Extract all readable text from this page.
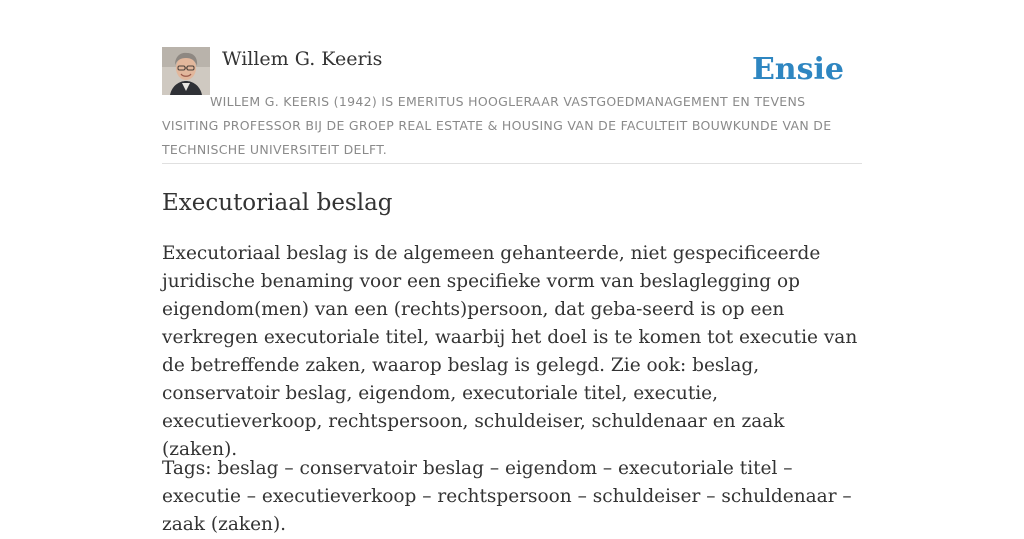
Willem G. Keeris	Ensie
WILLEM G. KEERIS (1942) IS EMERITUS HOOGLERAAR VASTGOEDMANAGEMENT EN TEVENS VISITING PROFESSOR BIJ DE GROEP REAL ESTATE & HOUSING VAN DE FACULTEIT BOUWKUNDE VAN DE TECHNISCHE UNIVERSITEIT DELFT.
Executoriaal beslag

Executoriaal beslag is de algemeen gehanteerde, niet gespecificeerde juridische benaming voor een specifieke vorm van beslaglegging op eigendom(men) van een (rechts)persoon, dat geba-seerd is op een verkregen executoriale titel, waarbij het doel is te komen tot executie van de betreffende zaken, waarop beslag is gelegd. Zie ook: beslag, conservatoir beslag, eigendom, executoriale titel, executie, executieverkoop, rechtspersoon, schuldeiser, schuldenaar en zaak (zaken).

Tags: beslag – conservatoir beslag – eigendom – executoriale titel – executie – executieverkoop – rechtspersoon – schuldeiser – schuldenaar – zaak (zaken).
